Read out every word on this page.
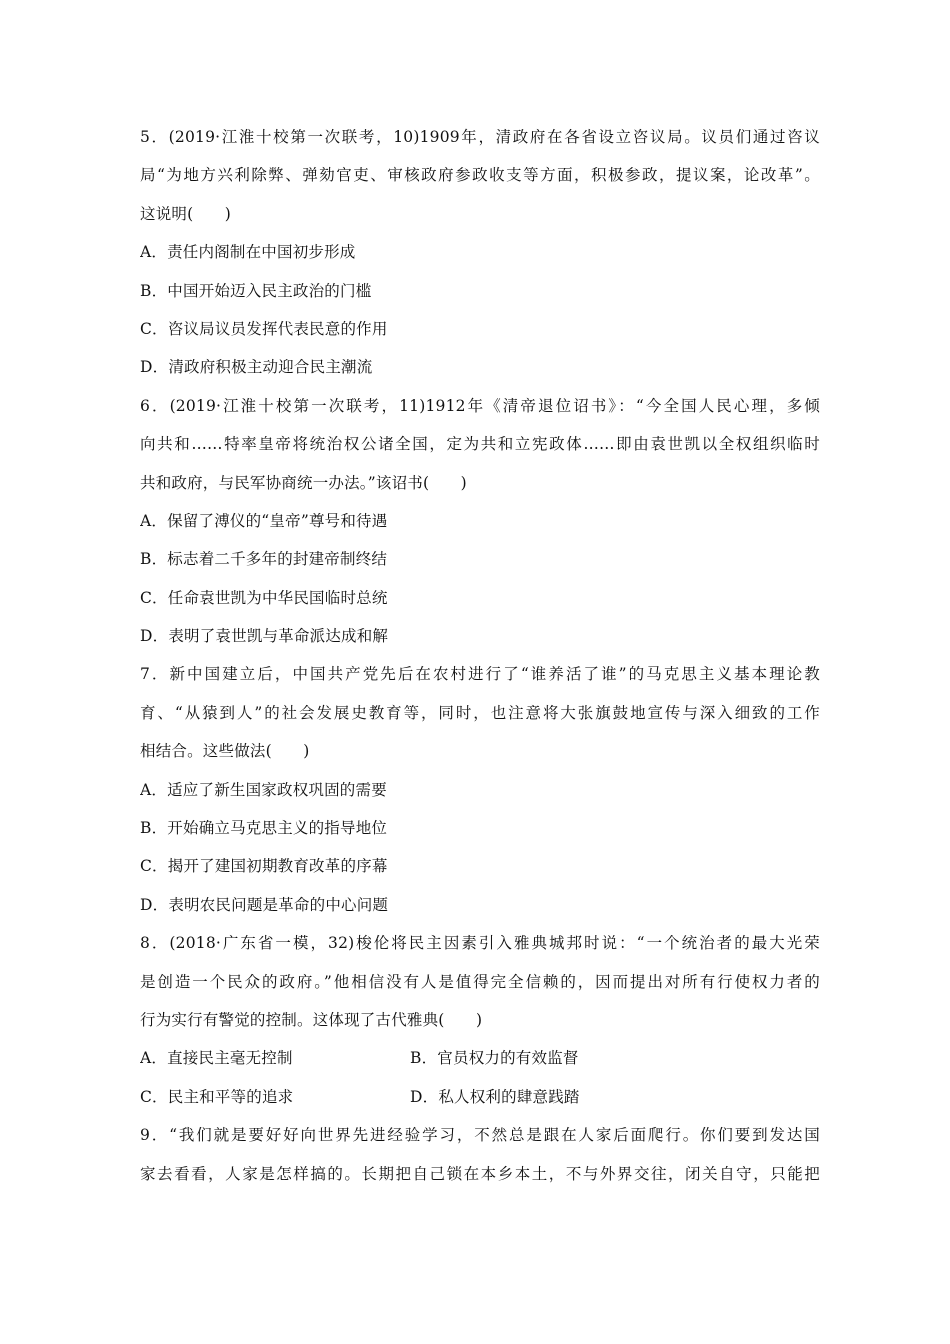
5．(2019·江淮十校第一次联考，10)1909年，清政府在各省设立咨议局。议员们通过咨议
局“为地方兴利除弊、弹劾官吏、审核政府参政收支等方面，积极参政，提议案，论改革”。
这说明(　　)
A．责任内阁制在中国初步形成
B．中国开始迈入民主政治的门槛
C．咨议局议员发挥代表民意的作用
D．清政府积极主动迎合民主潮流
6．(2019·江淮十校第一次联考，11)1912年《清帝退位诏书》：“今全国人民心理，多倾
向共和……特率皇帝将统治权公诸全国，定为共和立宪政体……即由袁世凯以全权组织临时
共和政府，与民军协商统一办法。”该诏书(　　)
A．保留了溥仪的“皇帝”尊号和待遇
B．标志着二千多年的封建帝制终结
C．任命袁世凯为中华民国临时总统
D．表明了袁世凯与革命派达成和解
7．新中国建立后，中国共产党先后在农村进行了“谁养活了谁”的马克思主义基本理论教
育、“从猿到人”的社会发展史教育等，同时，也注意将大张旗鼓地宣传与深入细致的工作
相结合。这些做法(　　)
A．适应了新生国家政权巩固的需要
B．开始确立马克思主义的指导地位
C．揭开了建国初期教育改革的序幕
D．表明农民问题是革命的中心问题
8．(2018·广东省一模，32)梭伦将民主因素引入雅典城邦时说：“一个统治者的最大光荣
是创造一个民众的政府。”他相信没有人是值得完全信赖的，因而提出对所有行使权力者的
行为实行有警觉的控制。这体现了古代雅典(　　)
A．直接民主毫无控制	B．官员权力的有效监督
C．民主和平等的追求	D．私人权利的肆意践踏
9．“我们就是要好好向世界先进经验学习，不然总是跟在人家后面爬行。你们要到发达国
家去看看，人家是怎样搞的。长期把自己锁在本乡本土，不与外界交往，闭关自守，只能把
